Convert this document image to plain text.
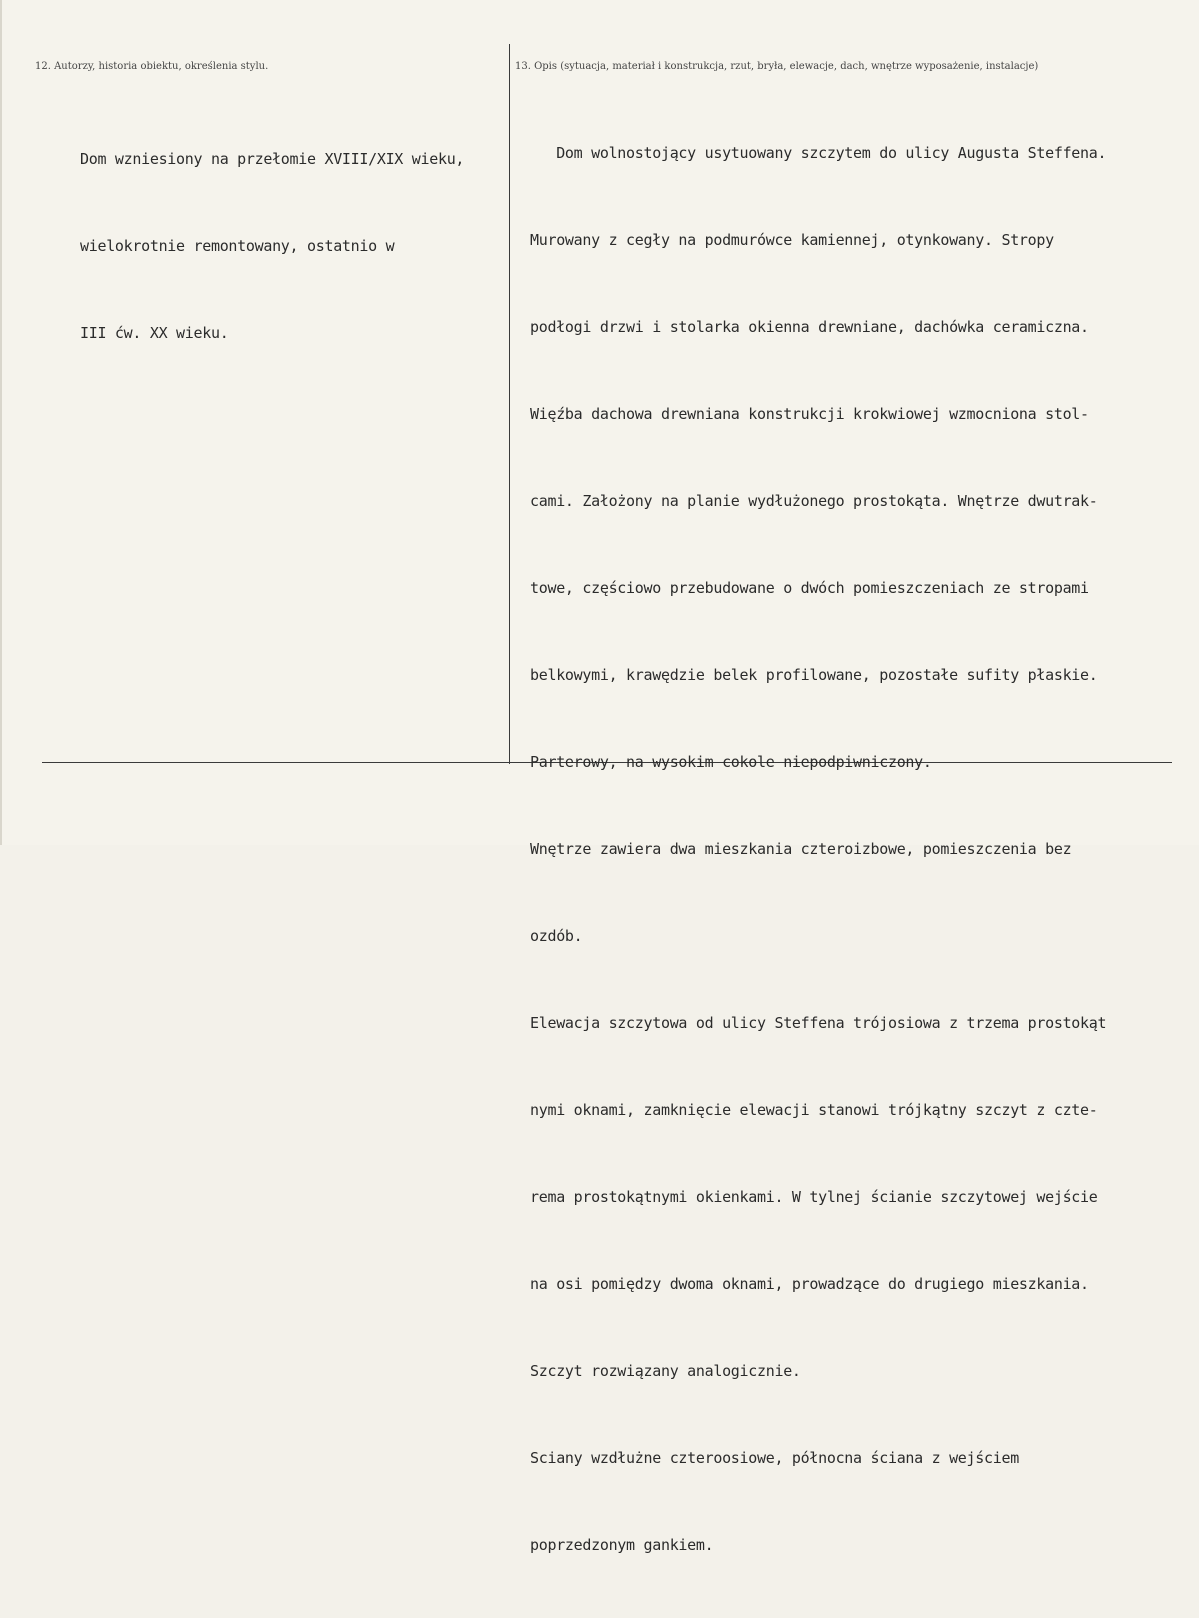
12. Autorzy, historia obiektu, określenia stylu.	13. Opis (sytuacja, materiał i konstrukcja, rzut, bryła, elewacje, dach, wnętrze wyposażenie, instalacje)

Dom wzniesiony na przełomie XVIII/XIX wieku,

wielokrotnie remontowany, ostatnio w

III ćw. XX wieku.

Dom wolnostojący usytuowany szczytem do ulicy Augusta Steffena.

Murowany z cegły na podmurówce kamiennej, otynkowany. Stropy

podłogi drzwi i stolarka okienna drewniane, dachówka ceramiczna.

Więźba dachowa drewniana konstrukcji krokwiowej wzmocniona stol-

cami. Założony na planie wydłużonego prostokąta. Wnętrze dwutrak-

towe, częściowo przebudowane o dwóch pomieszczeniach ze stropami

belkowymi, krawędzie belek profilowane, pozostałe sufity płaskie.

Parterowy, na wysokim cokole niepodpiwniczony.

Wnętrze zawiera dwa mieszkania czteroizbowe, pomieszczenia bez

ozdób.

Elewacja szczytowa od ulicy Steffena trójosiowa z trzema prostokąt

nymi oknami, zamknięcie elewacji stanowi trójkątny szczyt z czte-

rema prostokątnymi okienkami. W tylnej ścianie szczytowej wejście

na osi pomiędzy dwoma oknami, prowadzące do drugiego mieszkania.

Szczyt rozwiązany analogicznie.

Sciany wzdłużne czteroosiowe, północna ściana z wejściem

poprzedzonym gankiem.
